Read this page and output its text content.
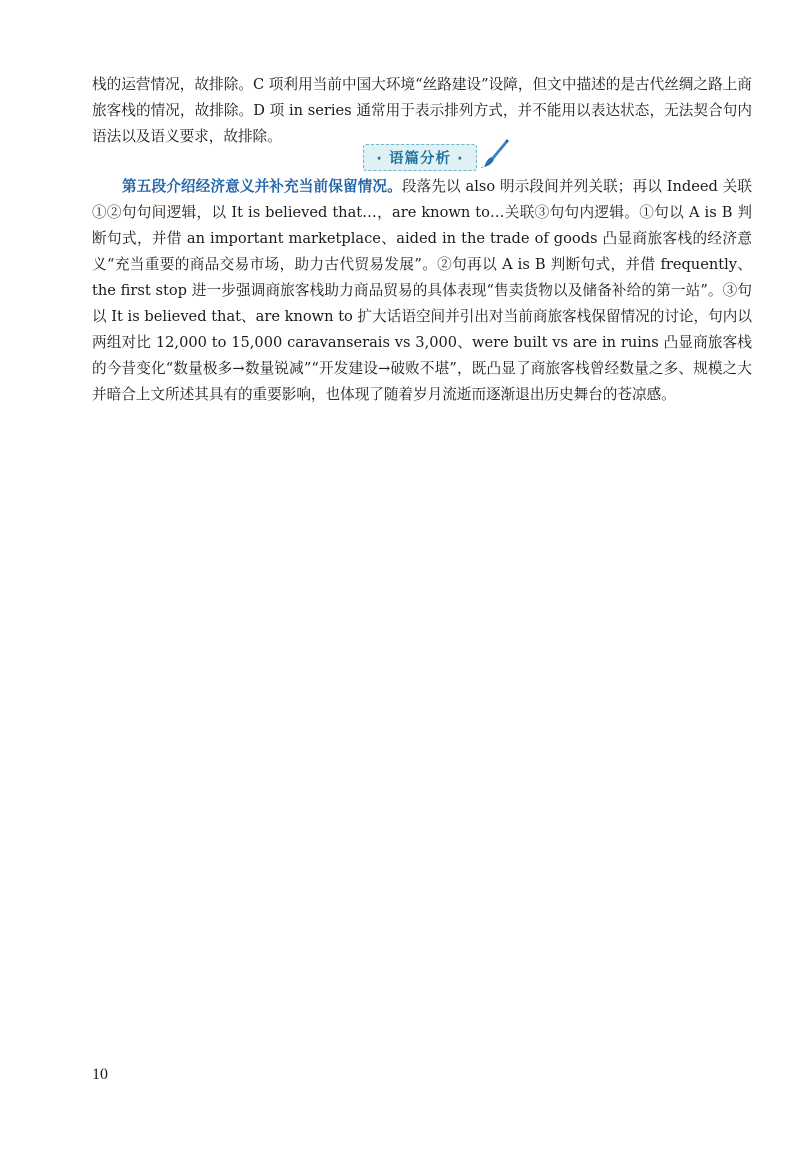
栈的运营情况，故排除。C 项利用当前中国大环境“丝路建设”设障，但文中描述的是古代丝绸之路上商旅客栈的情况，故排除。D 项 in series 通常用于表示排列方式，并不能用以表达状态，无法契合句内语法以及语义要求，故排除。

· 语篇分析 ·

第五段介绍经济意义并补充当前保留情况。段落先以 also 明示段间并列关联；再以 Indeed 关联①②句句间逻辑，以 It is believed that…，are known to…关联③句句内逻辑。①句以 A is B 判断句式，并借 an important marketplace、aided in the trade of goods 凸显商旅客栈的经济意义“充当重要的商品交易市场，助力古代贸易发展”。②句再以 A is B 判断句式，并借 frequently、the first stop 进一步强调商旅客栈助力商品贸易的具体表现“售卖货物以及储备补给的第一站”。③句以 It is believed that、are known to 扩大话语空间并引出对当前商旅客栈保留情况的讨论，句内以两组对比 12,000 to 15,000 caravanserais vs 3,000、were built vs are in ruins 凸显商旅客栈的今昔变化“数量极多→数量锐减”“开发建设→破败不堪”，既凸显了商旅客栈曾经数量之多、规模之大并暗合上文所述其具有的重要影响，也体现了随着岁月流逝而逐渐退出历史舞台的苍凉感。

10
